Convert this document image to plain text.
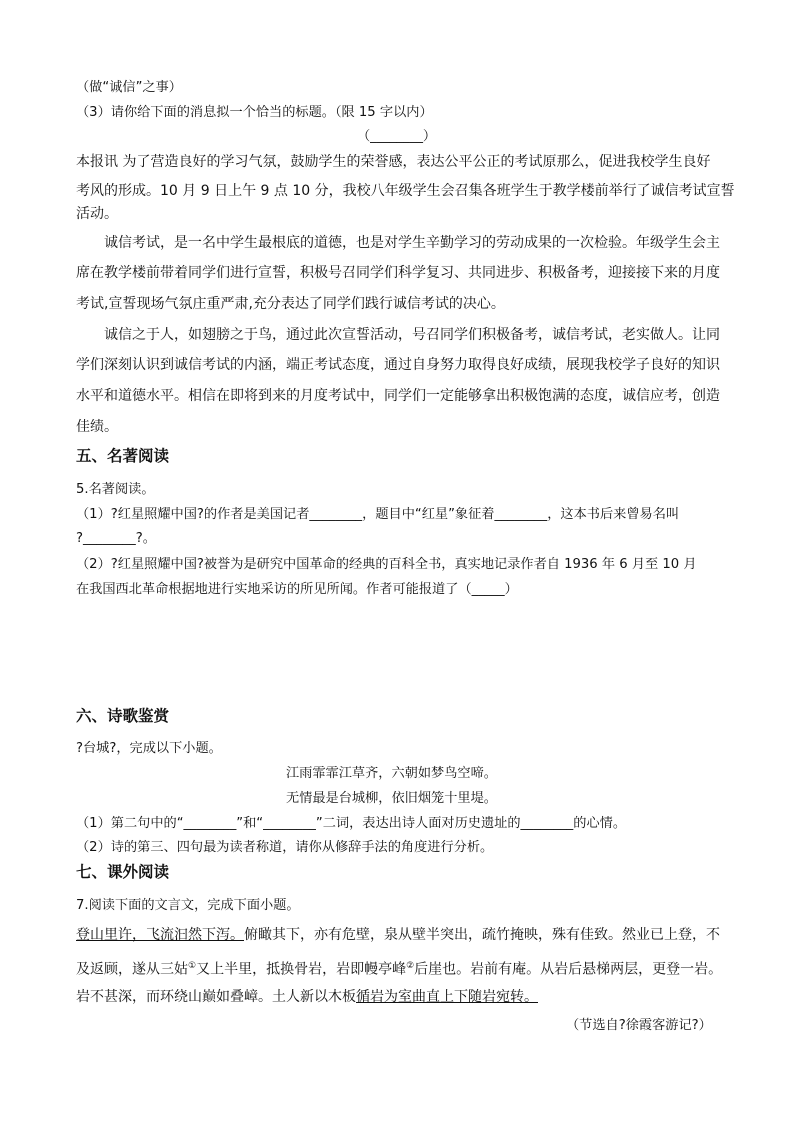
（做“诚信”之事）
（3）请你给下面的消息拟一个恰当的标题。（限 15 字以内）
（________）
本报讯 为了营造良好的学习气氛，鼓励学生的荣誉感，表达公平公正的考试原那么，促进我校学生良好
考风的形成。10 月 9 日上午 9 点 10 分，我校八年级学生会召集各班学生于教学楼前举行了诚信考试宣誓
活动。
诚信考试，是一名中学生最根底的道德，也是对学生辛勤学习的劳动成果的一次检验。年级学生会主
席在教学楼前带着同学们进行宣誓，积极号召同学们科学复习、共同进步、积极备考，迎接接下来的月度
考试,宣誓现场气氛庄重严肃,充分表达了同学们践行诚信考试的决心。
诚信之于人，如翅膀之于鸟，通过此次宣誓活动，号召同学们积极备考，诚信考试，老实做人。让同
学们深刻认识到诚信考试的内涵，端正考试态度，通过自身努力取得良好成绩，展现我校学子良好的知识
水平和道德水平。相信在即将到来的月度考试中，同学们一定能够拿出积极饱满的态度，诚信应考，创造
佳绩。
五、名著阅读
5.名著阅读。
（1）?红星照耀中国?的作者是美国记者________，题目中“红星”象征着________，这本书后来曾易名叫
?________?。
（2）?红星照耀中国?被誉为是研究中国革命的经典的百科全书，真实地记录作者自 1936 年 6 月至 10 月
在我国西北革命根据地进行实地采访的所见所闻。作者可能报道了（_____）
六、诗歌鉴赏
?台城?，完成以下小题。
江雨霏霏江草齐，六朝如梦鸟空啼。
无情最是台城柳，依旧烟笼十里堤。
（1）第二句中的“________”和“________”二词，表达出诗人面对历史遗址的________的心情。
（2）诗的第三、四句最为读者称道，请你从修辞手法的角度进行分析。
七、课外阅读
7.阅读下面的文言文，完成下面小题。
登山里许，飞流汩然下泻。俯瞰其下，亦有危壁，泉从壁半突出，疏竹掩映，殊有佳致。然业已上登，不
及返顾，遂从三姑①又上半里，抵换骨岩，岩即幔亭峰②后崖也。岩前有庵。从岩后悬梯两层，更登一岩。
岩不甚深，而环绕山巅如叠嶂。土人新以木板循岩为室曲直上下随岩宛转。
（节选自?徐霞客游记?）
